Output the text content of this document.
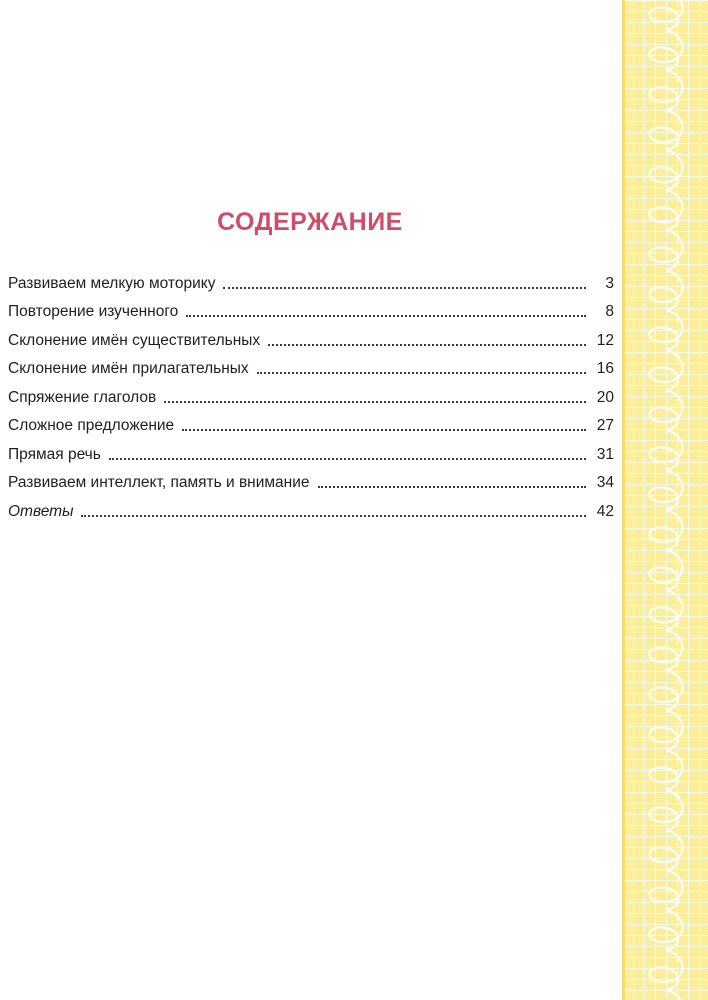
СОДЕРЖАНИЕ
Развиваем мелкую моторику	3
Повторение изученного	8
Склонение имён существительных	12
Склонение имён прилагательных	16
Спряжение глаголов	20
Сложное предложение	27
Прямая речь	31
Развиваем интеллект, память и внимание	34
Ответы	42
